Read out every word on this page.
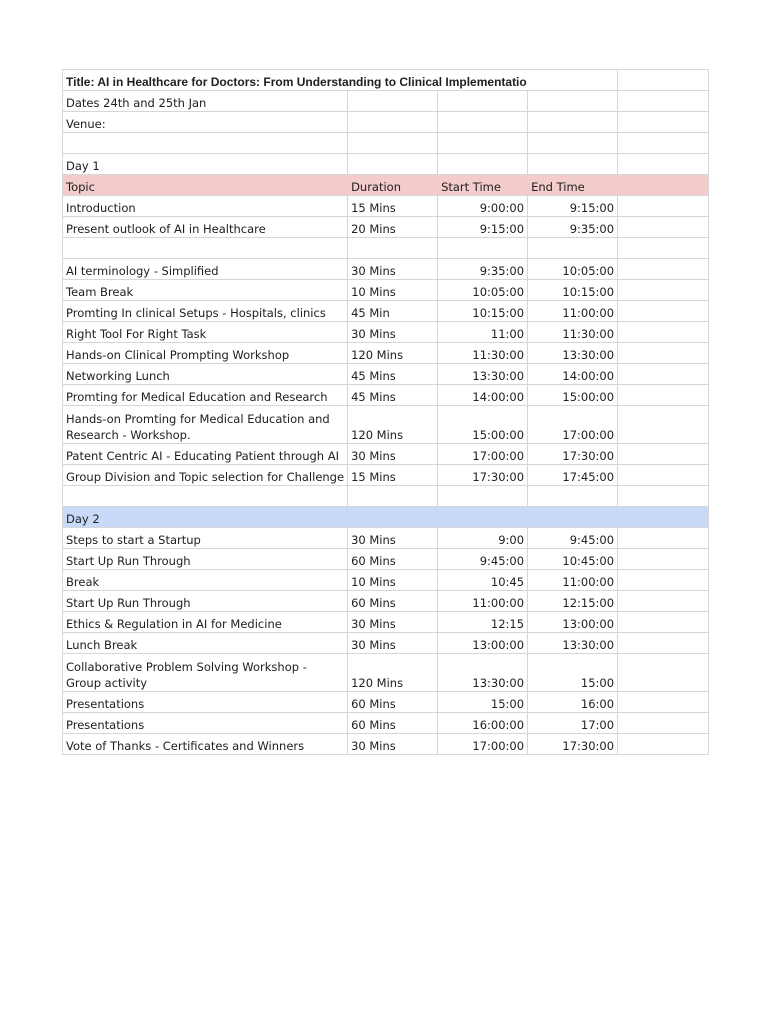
Title: AI in Healthcare for Doctors: From Understanding to Clinical Implementatio				
Dates 24th and 25th Jan				
Venue:				

Day 1				
Topic	Duration	Start Time	End Time	
Introduction	15 Mins	9:00:00	9:15:00	
Present outlook of AI in Healthcare	20 Mins	9:15:00	9:35:00	

AI terminology - Simplified	30 Mins	9:35:00	10:05:00	
Team Break	10 Mins	10:05:00	10:15:00	
Promting In clinical Setups - Hospitals, clinics	45 Min	10:15:00	11:00:00	
Right Tool For Right Task	30 Mins	11:00	11:30:00	
Hands-on Clinical Prompting Workshop	120 Mins	11:30:00	13:30:00	
Networking Lunch	45 Mins	13:30:00	14:00:00	
Promting for Medical Education and Research	45 Mins	14:00:00	15:00:00	
Hands-on Promting for Medical Education and Research - Workshop.	120 Mins	15:00:00	17:00:00	
Patent Centric AI - Educating Patient through AI	30 Mins	17:00:00	17:30:00	
Group Division and Topic selection for Challenge	15 Mins	17:30:00	17:45:00	

Day 2				
Steps to start a Startup	30 Mins	9:00	9:45:00	
Start Up Run Through	60 Mins	9:45:00	10:45:00	
Break	10 Mins	10:45	11:00:00	
Start Up Run Through	60 Mins	11:00:00	12:15:00	
Ethics & Regulation in AI for Medicine	30 Mins	12:15	13:00:00	
Lunch Break	30 Mins	13:00:00	13:30:00	
Collaborative Problem Solving Workshop - Group activity	120 Mins	13:30:00	15:00	
Presentations	60 Mins	15:00	16:00	
Presentations	60 Mins	16:00:00	17:00	
Vote of Thanks - Certificates and Winners	30 Mins	17:00:00	17:30:00	
